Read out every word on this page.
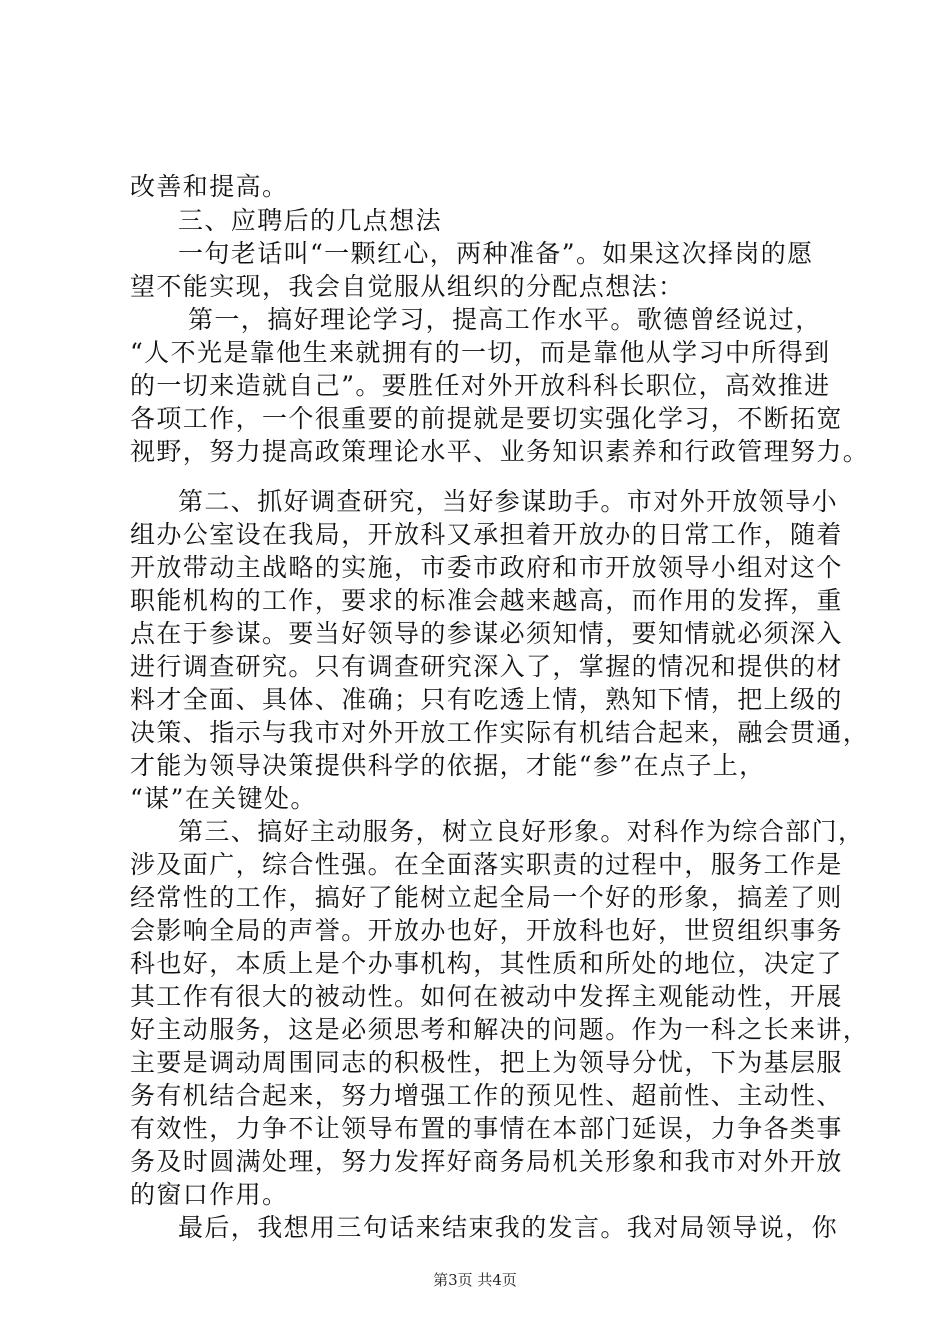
改善和提高。
三、应聘后的几点想法
一句老话叫“一颗红心，两种准备”。如果这次择岗的愿
望不能实现，我会自觉服从组织的分配点想法：
第一，搞好理论学习，提高工作水平。歌德曾经说过，
“人不光是靠他生来就拥有的一切，而是靠他从学习中所得到
的一切来造就自己”。要胜任对外开放科科长职位，高效推进
各项工作，一个很重要的前提就是要切实强化学习，不断拓宽
视野，努力提高政策理论水平、业务知识素养和行政管理努力。
第二、抓好调查研究，当好参谋助手。市对外开放领导小
组办公室设在我局，开放科又承担着开放办的日常工作，随着
开放带动主战略的实施，市委市政府和市开放领导小组对这个
职能机构的工作，要求的标准会越来越高，而作用的发挥，重
点在于参谋。要当好领导的参谋必须知情，要知情就必须深入
进行调查研究。只有调查研究深入了，掌握的情况和提供的材
料才全面、具体、准确；只有吃透上情，熟知下情，把上级的
决策、指示与我市对外开放工作实际有机结合起来，融会贯通，
才能为领导决策提供科学的依据，才能“参”在点子上，
“谋”在关键处。
第三、搞好主动服务，树立良好形象。对科作为综合部门，
涉及面广，综合性强。在全面落实职责的过程中，服务工作是
经常性的工作，搞好了能树立起全局一个好的形象，搞差了则
会影响全局的声誉。开放办也好，开放科也好，世贸组织事务
科也好，本质上是个办事机构，其性质和所处的地位，决定了
其工作有很大的被动性。如何在被动中发挥主观能动性，开展
好主动服务，这是必须思考和解决的问题。作为一科之长来讲，
主要是调动周围同志的积极性，把上为领导分忧，下为基层服
务有机结合起来，努力增强工作的预见性、超前性、主动性、
有效性，力争不让领导布置的事情在本部门延误，力争各类事
务及时圆满处理，努力发挥好商务局机关形象和我市对外开放
的窗口作用。
最后，我想用三句话来结束我的发言。我对局领导说，你
第3页 共4页
